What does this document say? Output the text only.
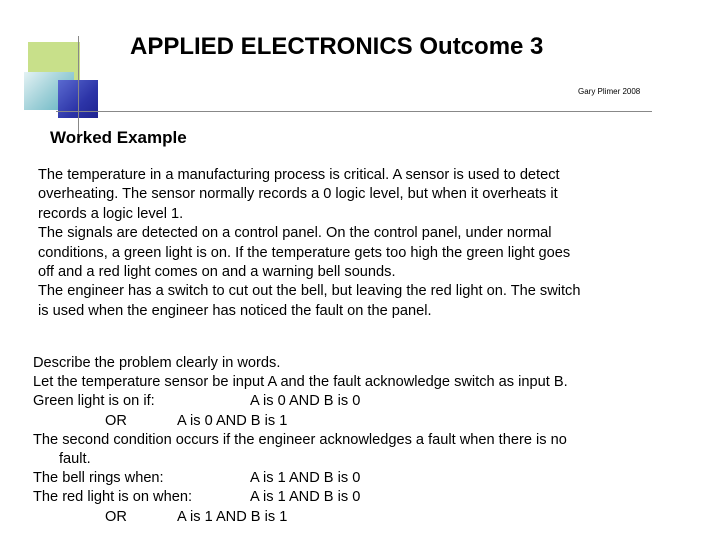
APPLIED ELECTRONICS Outcome 3
Gary Plimer 2008
Worked Example
The temperature in a manufacturing process is critical. A sensor is used to detect
overheating. The sensor normally records a 0 logic level, but when it overheats it
records a logic level 1.
The signals are detected on a control panel. On the control panel, under normal
conditions, a green light is on. If the temperature gets too high the green light goes
off and a red light comes on and a warning bell sounds.
The engineer has a switch to cut out the bell, but leaving the red light on. The switch
is used when the engineer has noticed the fault on the panel.
Describe the problem clearly in words.
Let the temperature sensor be input A and the fault acknowledge switch as input B.
Green light is on if:	A is 0 AND B is 0
OR	A is 0 AND B is 1
The second condition occurs if the engineer acknowledges a fault when there is no
fault.
The bell rings when:	A is 1 AND B is 0
The red light is on when:	A is 1 AND B is 0
OR	A is 1 AND B is 1
